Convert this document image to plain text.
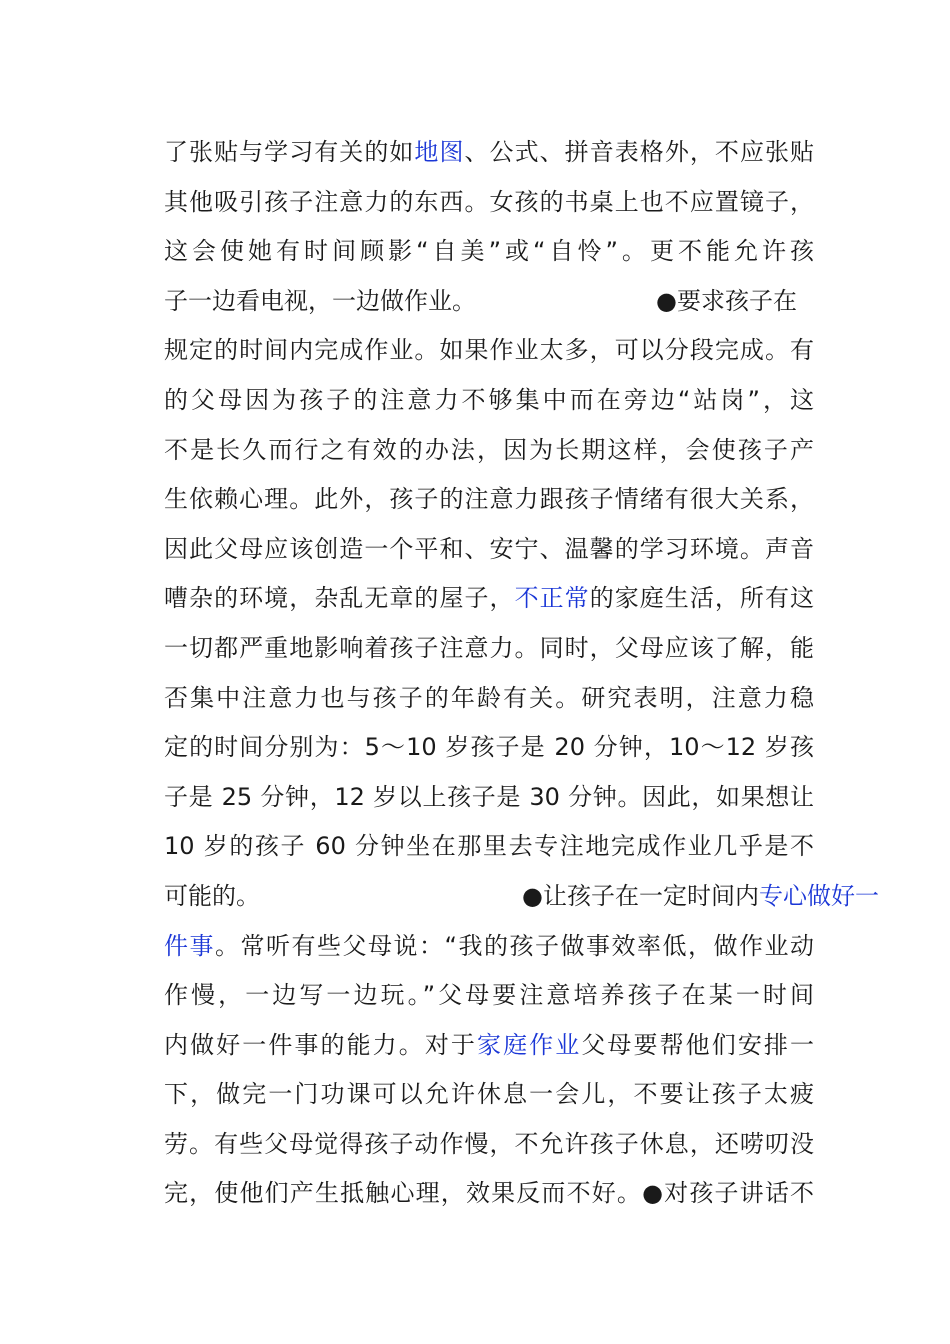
了张贴与学习有关的如地图、公式、拼音表格外，不应张贴
其他吸引孩子注意力的东西。女孩的书桌上也不应置镜子，
这会使她有时间顾影“自美”或“自怜”。更不能允许孩
子一边看电视，一边做作业。	●要求孩子在
规定的时间内完成作业。如果作业太多，可以分段完成。有
的父母因为孩子的注意力不够集中而在旁边“站岗”，这
不是长久而行之有效的办法，因为长期这样，会使孩子产
生依赖心理。此外，孩子的注意力跟孩子情绪有很大关系，
因此父母应该创造一个平和、安宁、温馨的学习环境。声音
嘈杂的环境，杂乱无章的屋子，不正常的家庭生活，所有这
一切都严重地影响着孩子注意力。同时，父母应该了解，能
否集中注意力也与孩子的年龄有关。研究表明，注意力稳
定的时间分别为：5～10 岁孩子是 20 分钟，10～12 岁孩
子是 25 分钟，12 岁以上孩子是 30 分钟。因此，如果想让
10 岁的孩子 60 分钟坐在那里去专注地完成作业几乎是不
可能的。	●让孩子在一定时间内专心做好一
件事。常听有些父母说：“我的孩子做事效率低，做作业动
作慢，一边写一边玩。”父母要注意培养孩子在某一时间
内做好一件事的能力。对于家庭作业父母要帮他们安排一
下，做完一门功课可以允许休息一会儿，不要让孩子太疲
劳。有些父母觉得孩子动作慢，不允许孩子休息，还唠叨没
完，使他们产生抵触心理，效果反而不好。●对孩子讲话不
